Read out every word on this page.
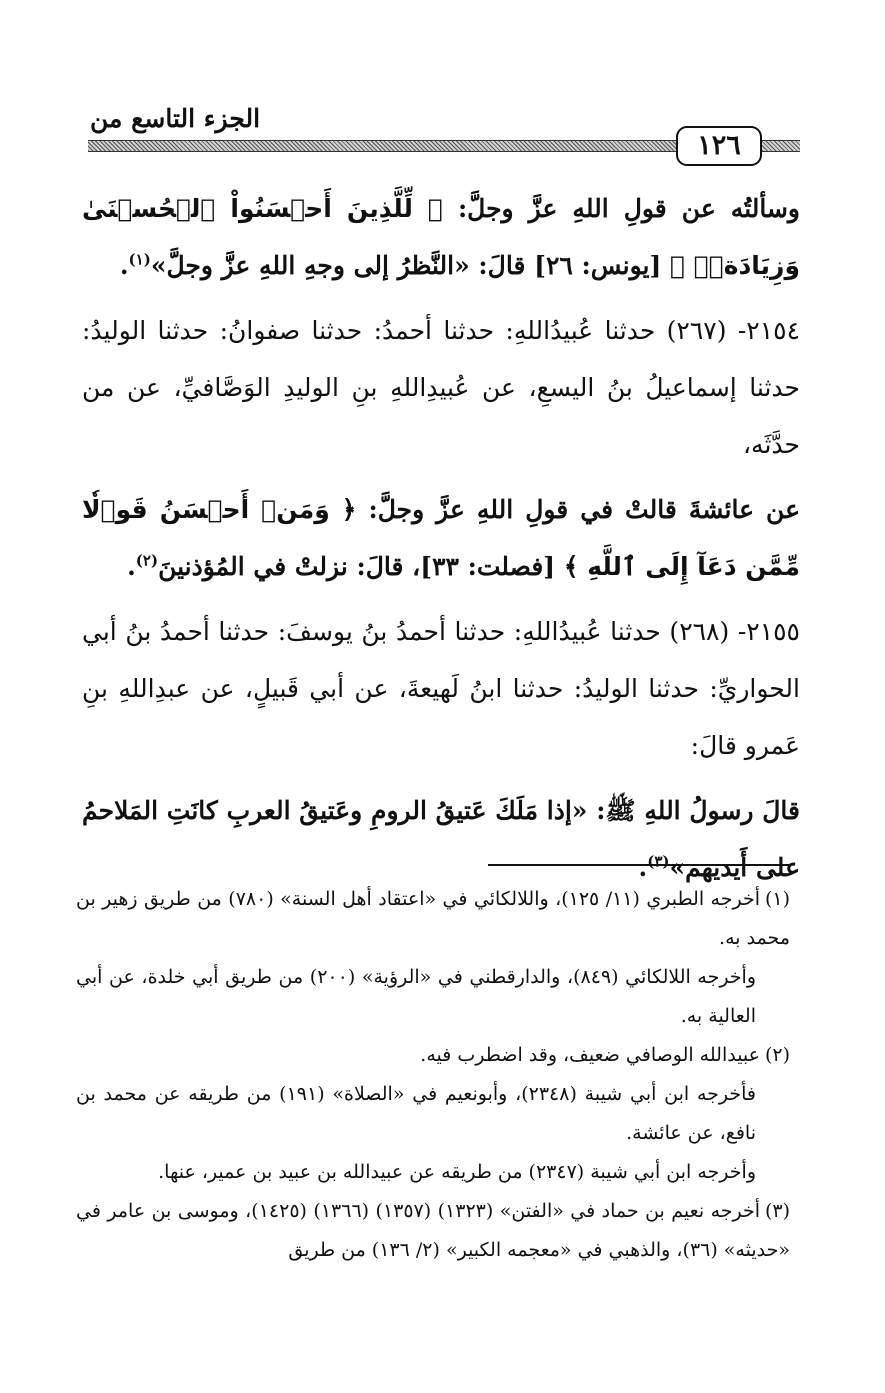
الجزء التاسع من
١٢٦

وسألتُه عن قولِ اللهِ عزَّ وجلَّ: ﴿ لِّلَّذِينَ أَحۡسَنُواْ ٱلۡحُسۡنَىٰ وَزِيَادَةٞۖ ﴾ [يونس: ٢٦] قالَ: «النَّظرُ إلى وجهِ اللهِ عزَّ وجلَّ»$^{(١)}$.

٢١٥٤- (٢٦٧) حدثنا عُبيدُاللهِ: حدثنا أحمدُ: حدثنا صفوانُ: حدثنا الوليدُ: حدثنا إسماعيلُ بنُ اليسعِ، عن عُبيدِاللهِ بنِ الوليدِ الوَصَّافيِّ، عن من حدَّثَه،

عن عائشةَ قالتْ في قولِ اللهِ عزَّ وجلَّ: ﴿ وَمَنۡ أَحۡسَنُ قَوۡلٗا مِّمَّن دَعَآ إِلَى ٱللَّهِ ﴾ [فصلت: ٣٣]، قالَ: نزلتْ في المُؤذنينَ$^{(٢)}$.

٢١٥٥- (٢٦٨) حدثنا عُبيدُاللهِ: حدثنا أحمدُ بنُ يوسفَ: حدثنا أحمدُ بنُ أبي الحواريِّ: حدثنا الوليدُ: حدثنا ابنُ لَهيعةَ، عن أبي قَبيلٍ، عن عبدِاللهِ بنِ عَمرو قالَ:

قالَ رسولُ اللهِ ﷺ: «إذا مَلَكَ عَتيقُ الرومِ وعَتيقُ العربِ كانَتِ المَلاحمُ على أَيديهم»$^{(٣)}$.

(١)أخرجه الطبري (١١/ ١٢٥)، واللالكائي في «اعتقاد أهل السنة» (٧٨٠) من طريق زهير بن محمد به.

وأخرجه اللالكائي (٨٤٩)، والدارقطني في «الرؤية» (٢٠٠) من طريق أبي خلدة، عن أبي العالية به.

(٢)عبيدالله الوصافي ضعيف، وقد اضطرب فيه.

فأخرجه ابن أبي شيبة (٢٣٤٨)، وأبونعيم في «الصلاة» (١٩١) من طريقه عن محمد بن نافع، عن عائشة.

وأخرجه ابن أبي شيبة (٢٣٤٧) من طريقه عن عبيدالله بن عبيد بن عمير، عنها.

(٣)أخرجه نعيم بن حماد في «الفتن» (١٣٢٣) (١٣٥٧) (١٣٦٦) (١٤٢٥)، وموسى بن عامر في «حديثه» (٣٦)، والذهبي في «معجمه الكبير» (٢/ ١٣٦) من طريق
